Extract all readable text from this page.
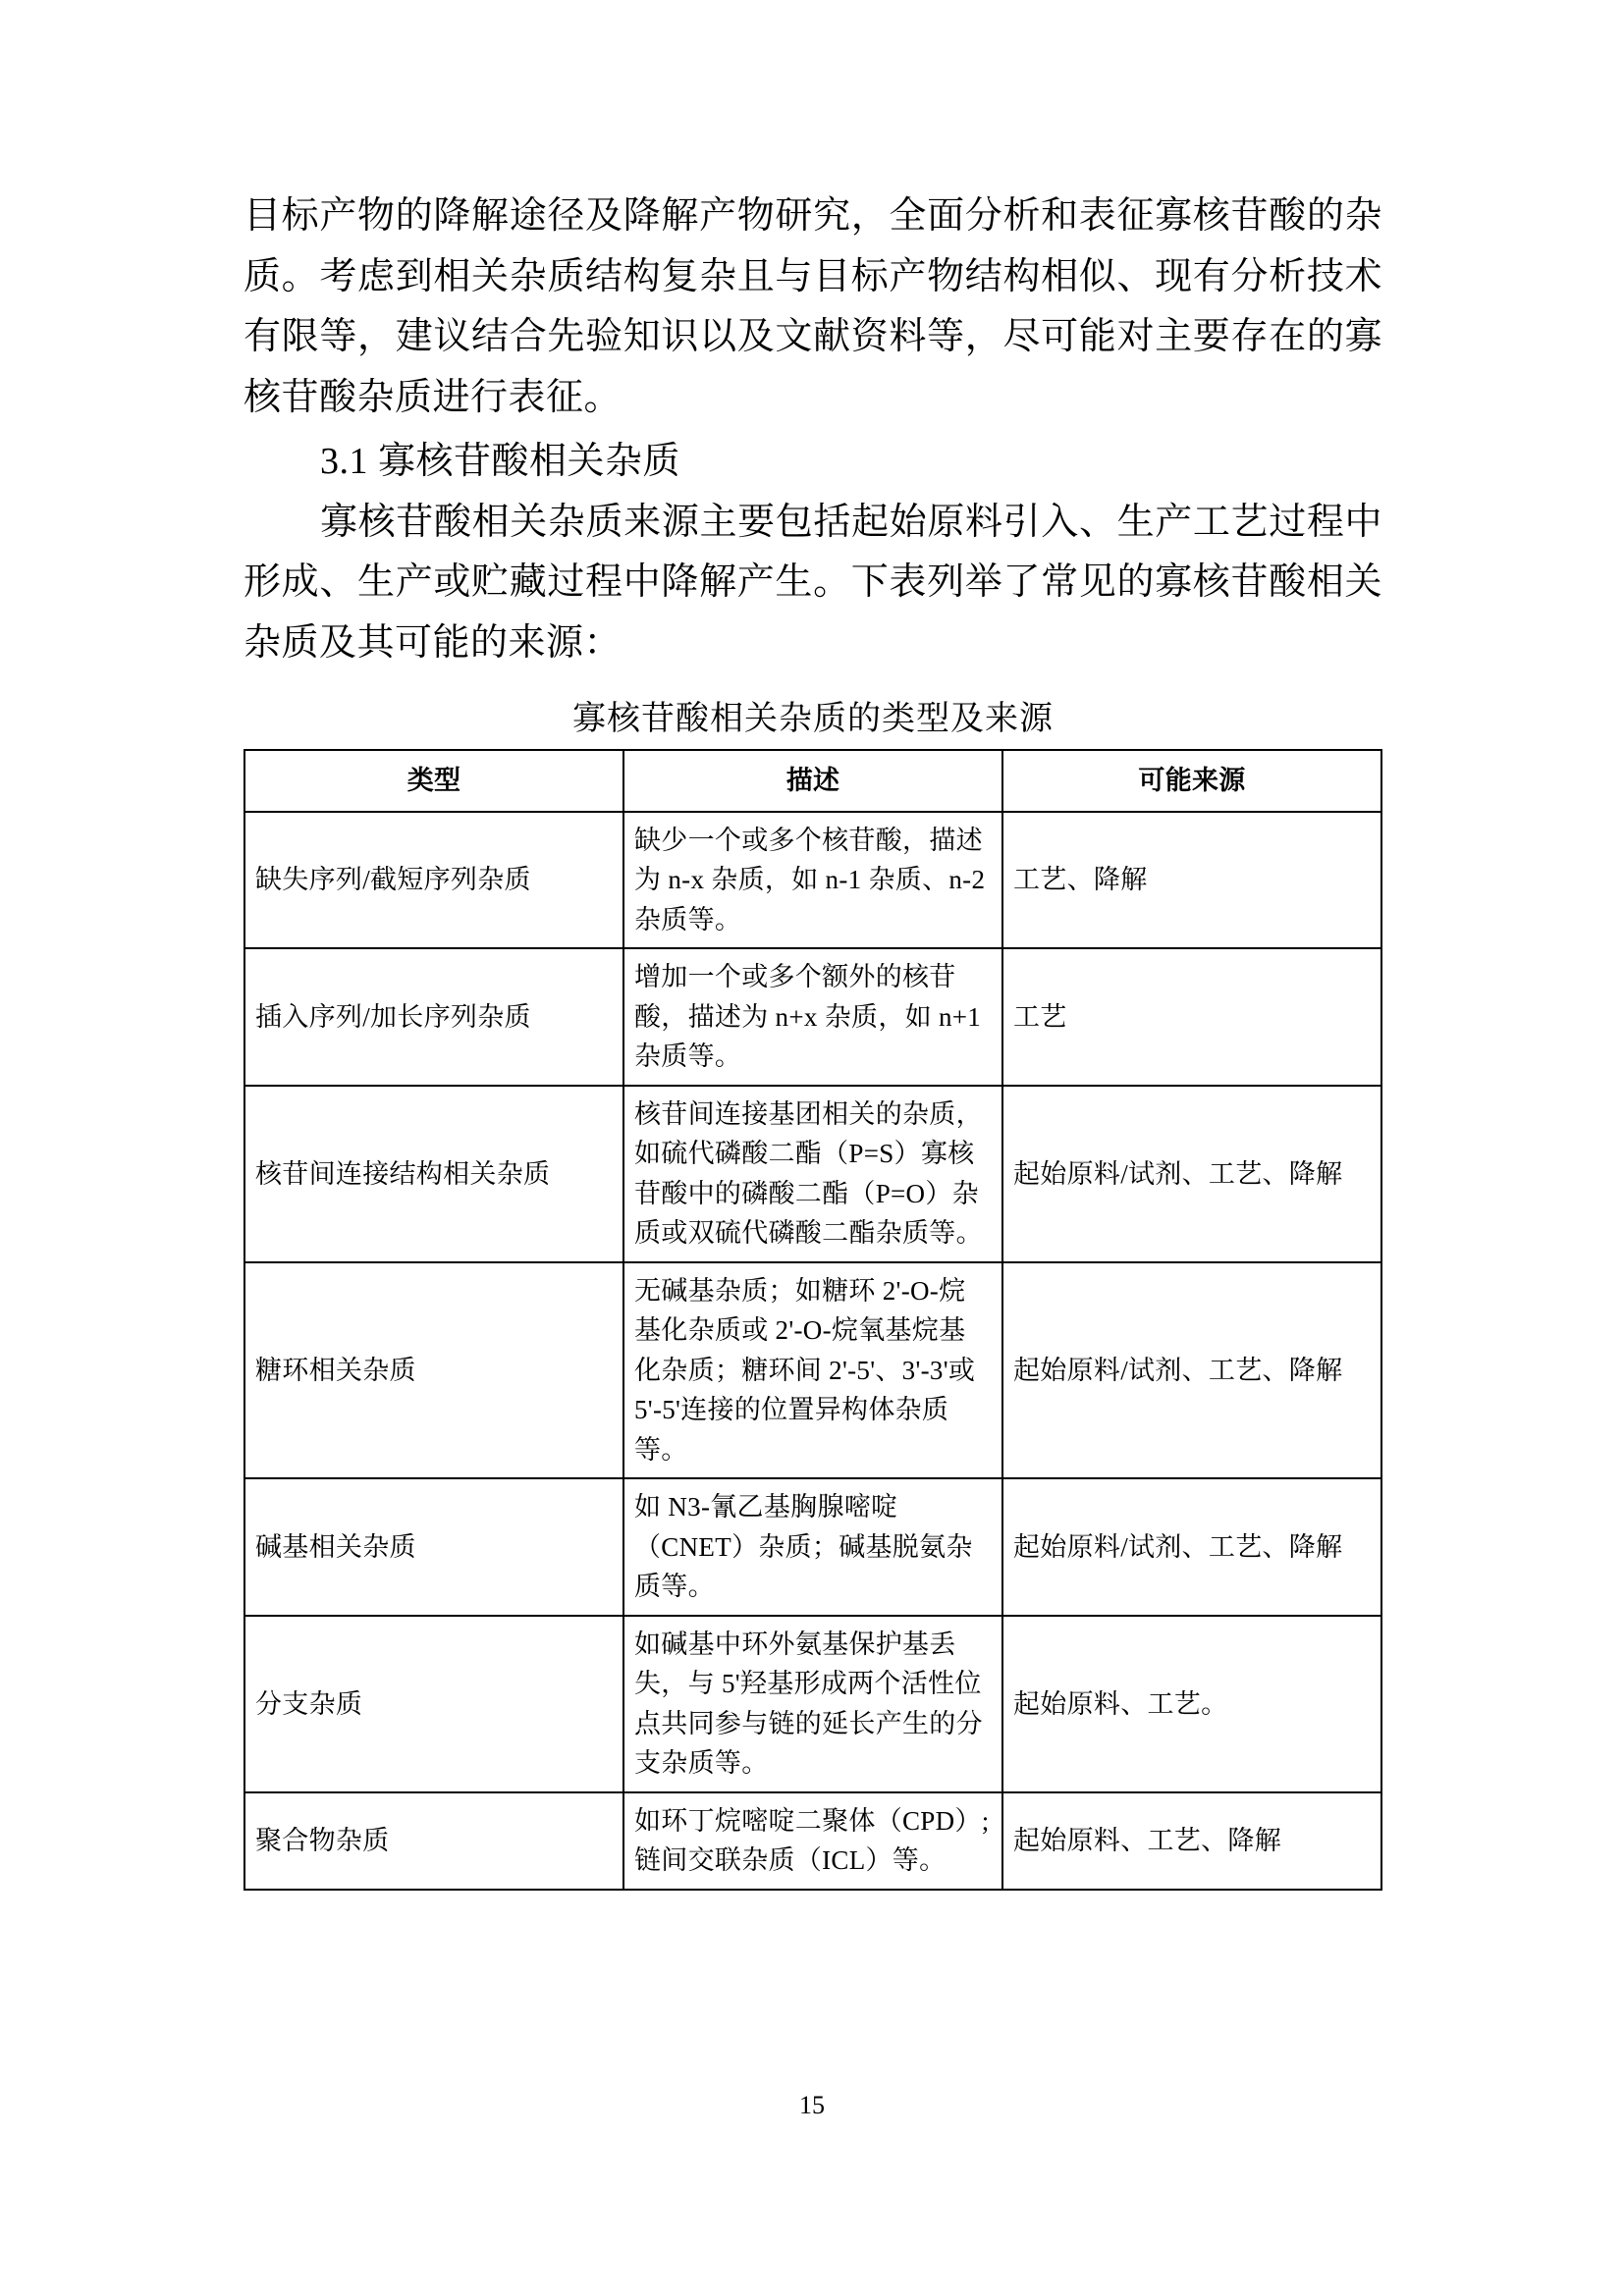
目标产物的降解途径及降解产物研究，全面分析和表征寡核苷酸的杂质。考虑到相关杂质结构复杂且与目标产物结构相似、现有分析技术有限等，建议结合先验知识以及文献资料等，尽可能对主要存在的寡核苷酸杂质进行表征。

3.1 寡核苷酸相关杂质

寡核苷酸相关杂质来源主要包括起始原料引入、生产工艺过程中形成、生产或贮藏过程中降解产生。下表列举了常见的寡核苷酸相关杂质及其可能的来源：

寡核苷酸相关杂质的类型及来源
类型	描述	可能来源
缺失序列/截短序列杂质	缺少一个或多个核苷酸，描述为 n-x 杂质，如 n-1 杂质、n-2 杂质等。	工艺、降解
插入序列/加长序列杂质	增加一个或多个额外的核苷酸，描述为 n+x 杂质，如 n+1 杂质等。	工艺
核苷间连接结构相关杂质	核苷间连接基团相关的杂质，如硫代磷酸二酯（P=S）寡核苷酸中的磷酸二酯（P=O）杂质或双硫代磷酸二酯杂质等。	起始原料/试剂、工艺、降解
糖环相关杂质	无碱基杂质；如糖环 2'-O-烷基化杂质或 2'-O-烷氧基烷基化杂质；糖环间 2'-5'、3'-3'或5'-5'连接的位置异构体杂质等。	起始原料/试剂、工艺、降解
碱基相关杂质	如 N3-氰乙基胸腺嘧啶（CNET）杂质；碱基脱氨杂质等。	起始原料/试剂、工艺、降解
分支杂质	如碱基中环外氨基保护基丢失，与 5'羟基形成两个活性位点共同参与链的延长产生的分支杂质等。	起始原料、工艺。
聚合物杂质	如环丁烷嘧啶二聚体（CPD）;链间交联杂质（ICL）等。	起始原料、工艺、降解
15
